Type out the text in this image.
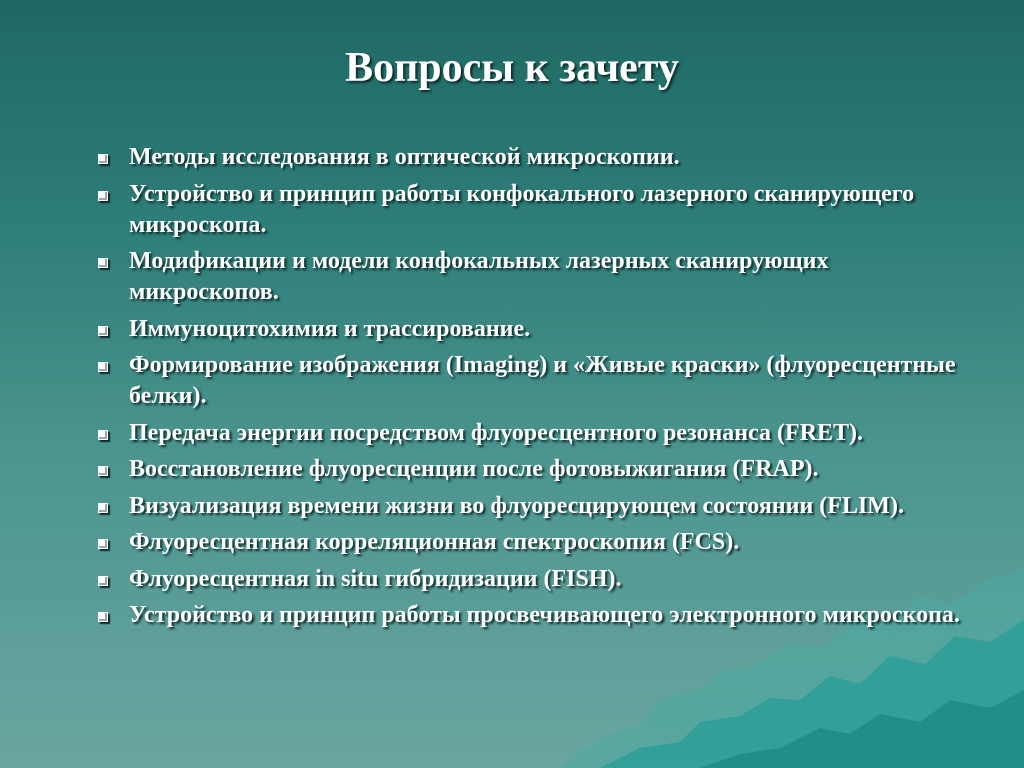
Вопросы к зачету
Методы исследования в оптической микроскопии.
Устройство и принцип работы конфокального лазерного сканирующего микроскопа.
Модификации и модели конфокальных лазерных сканирующих микроскопов.
Иммуноцитохимия и трассирование.
Формирование изображения (Imaging) и «Живые краски» (флуоресцентные белки).
Передача энергии посредством флуоресцентного резонанса (FRET).
Восстановление флуоресценции после фотовыжигания (FRAP).
Визуализация времени жизни во флуоресцирующем состоянии (FLIM).
Флуоресцентная корреляционная спектроскопия (FCS).
Флуоресцентная in situ гибридизации (FISH).
Устройство и принцип работы просвечивающего электронного микроскопа.
